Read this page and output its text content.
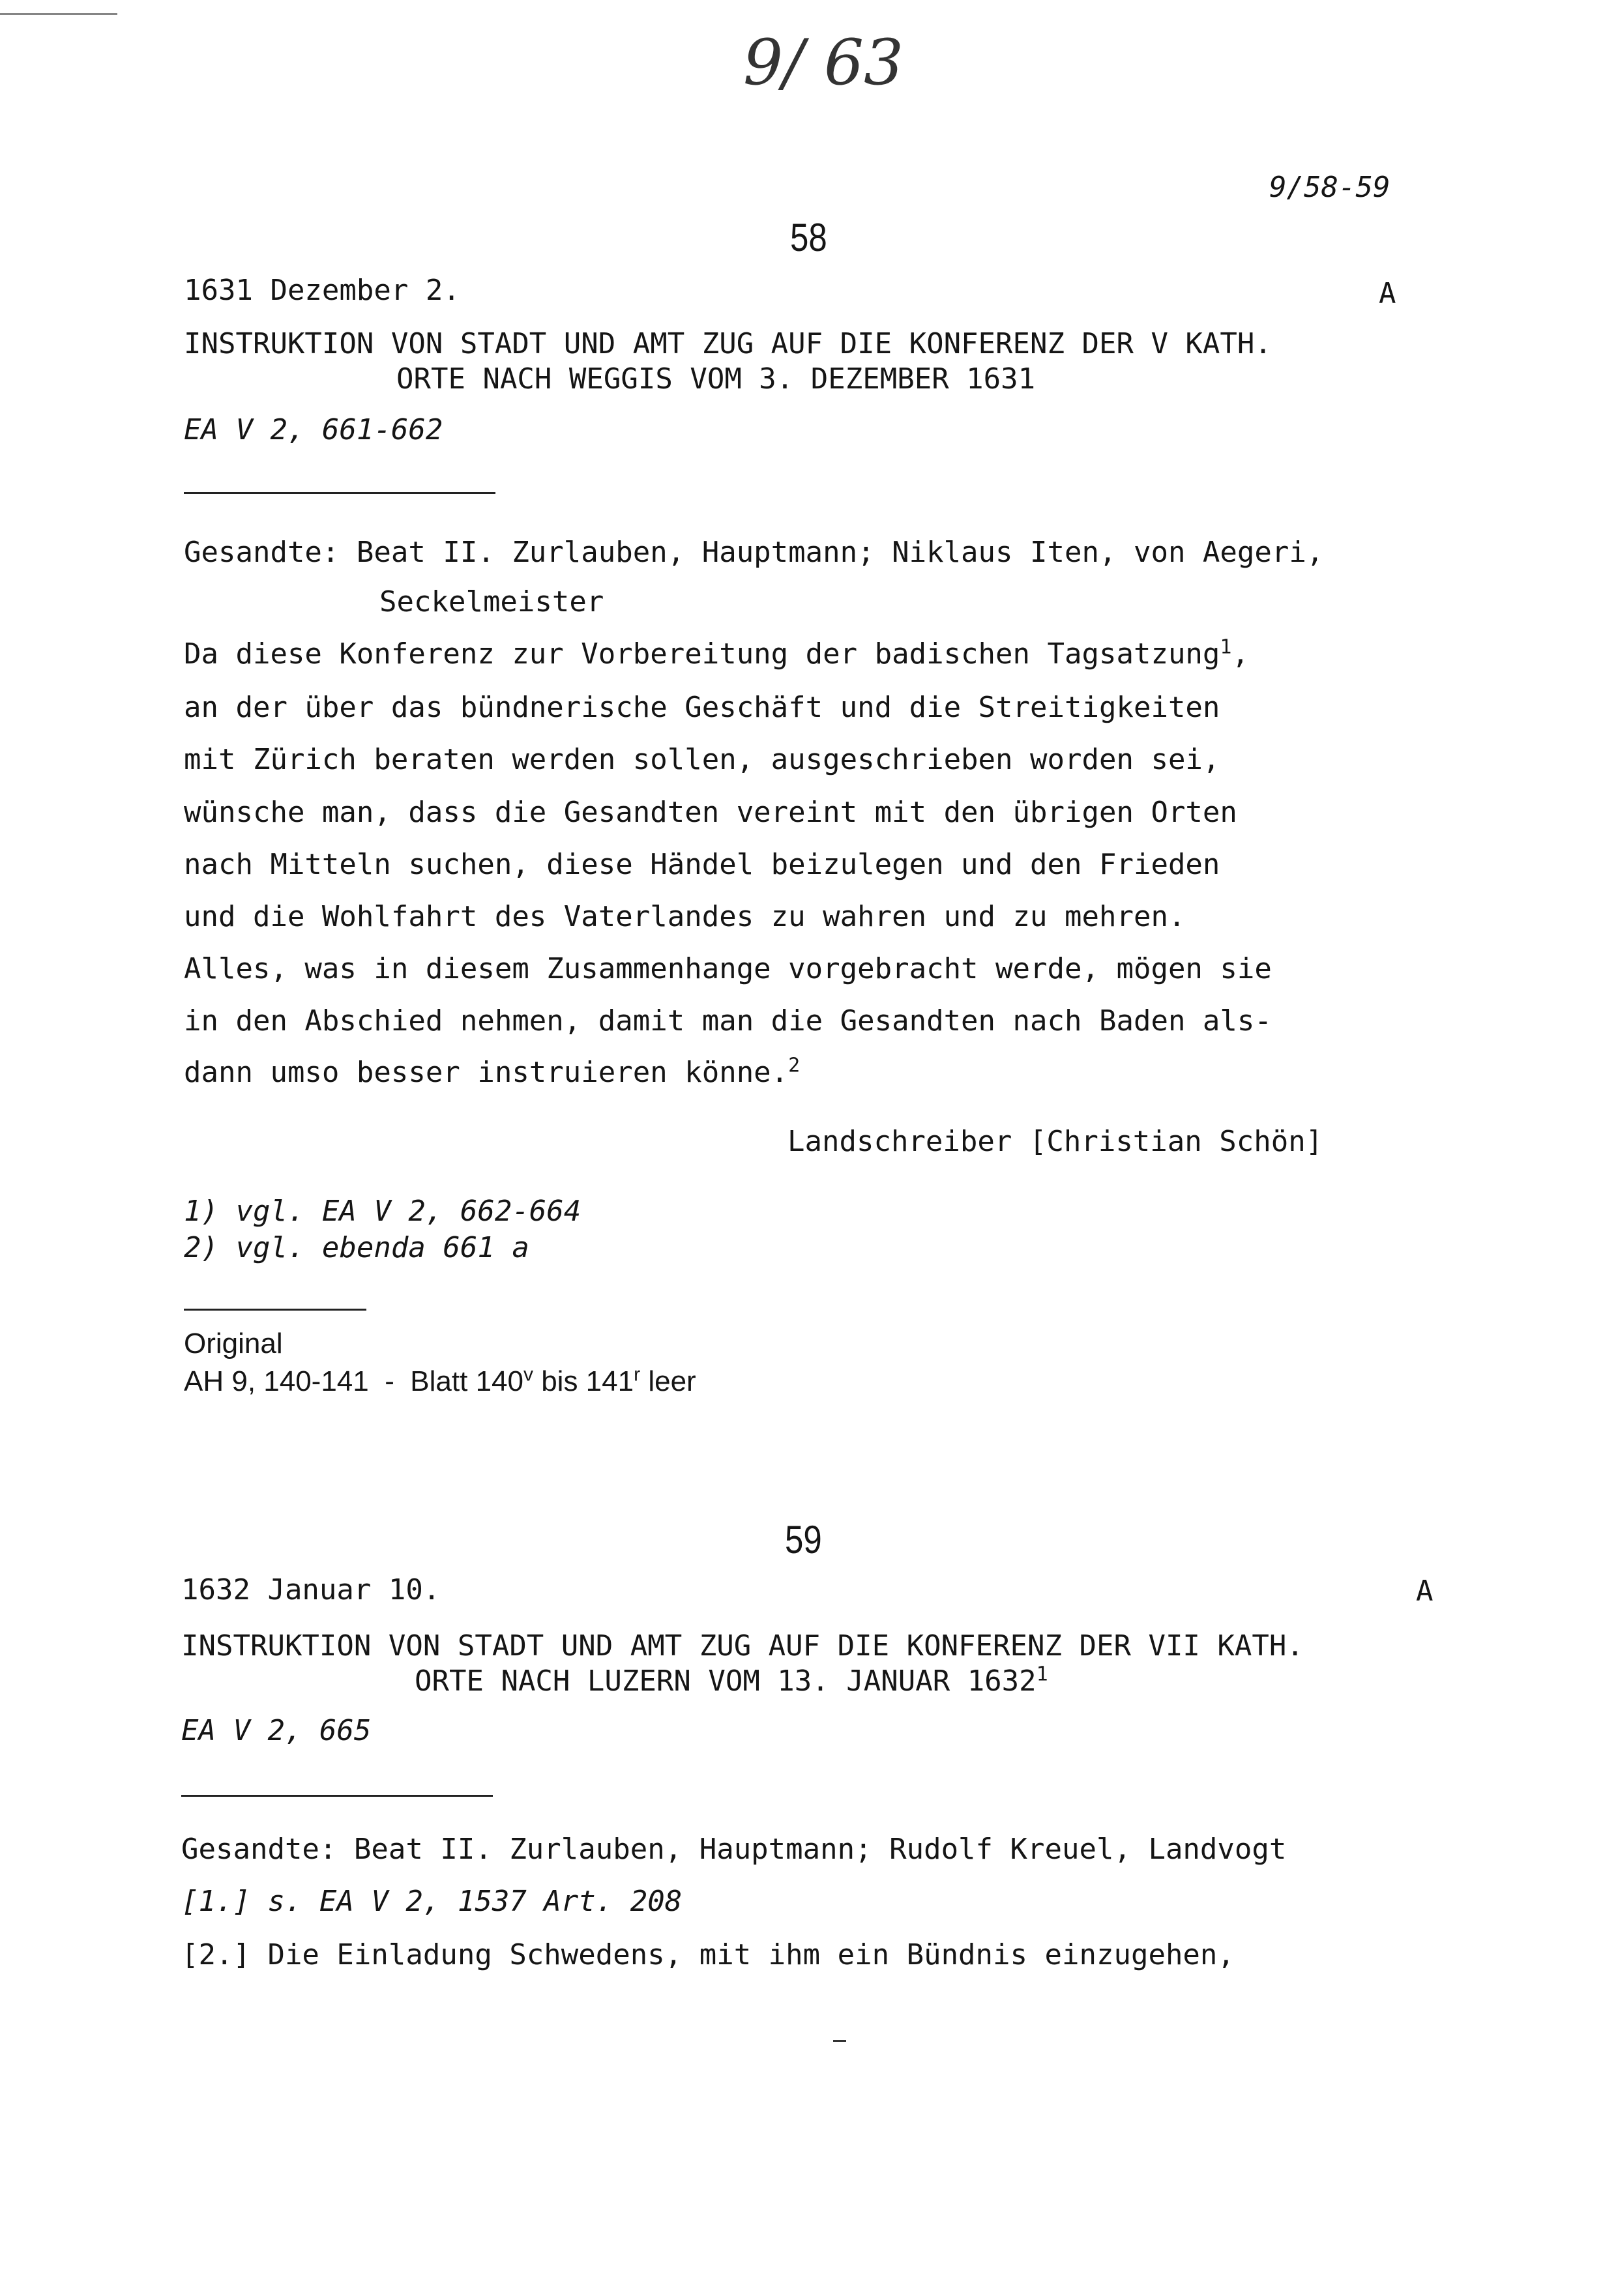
9/ 63
9/58-59
58
1631 Dezember 2.	A
INSTRUKTION VON STADT UND AMT ZUG AUF DIE KONFERENZ DER V KATH.
ORTE NACH WEGGIS VOM 3. DEZEMBER 1631
EA V 2, 661-662
Gesandte: Beat II. Zurlauben, Hauptmann; Niklaus Iten, von Aegeri,
Seckelmeister
Da diese Konferenz zur Vorbereitung der badischen Tagsatzung$^1$,
an der über das bündnerische Geschäft und die Streitigkeiten
mit Zürich beraten werden sollen, ausgeschrieben worden sei,
wünsche man, dass die Gesandten vereint mit den übrigen Orten
nach Mitteln suchen, diese Händel beizulegen und den Frieden
und die Wohlfahrt des Vaterlandes zu wahren und zu mehren.
Alles, was in diesem Zusammenhange vorgebracht werde, mögen sie
in den Abschied nehmen, damit man die Gesandten nach Baden als-
dann umso besser instruieren könne.$^2$
Landschreiber [Christian Schön]
1) vgl. EA V 2, 662-664
2) vgl. ebenda 661 a
Original
AH 9, 140-141  -  Blatt 140$^v$ bis 141$^r$ leer
59
1632 Januar 10.	A
INSTRUKTION VON STADT UND AMT ZUG AUF DIE KONFERENZ DER VII KATH.
ORTE NACH LUZERN VOM 13. JANUAR 1632$^1$
EA V 2, 665
Gesandte: Beat II. Zurlauben, Hauptmann; Rudolf Kreuel, Landvogt
[1.] s. EA V 2, 1537 Art. 208
[2.] Die Einladung Schwedens, mit ihm ein Bündnis einzugehen,
